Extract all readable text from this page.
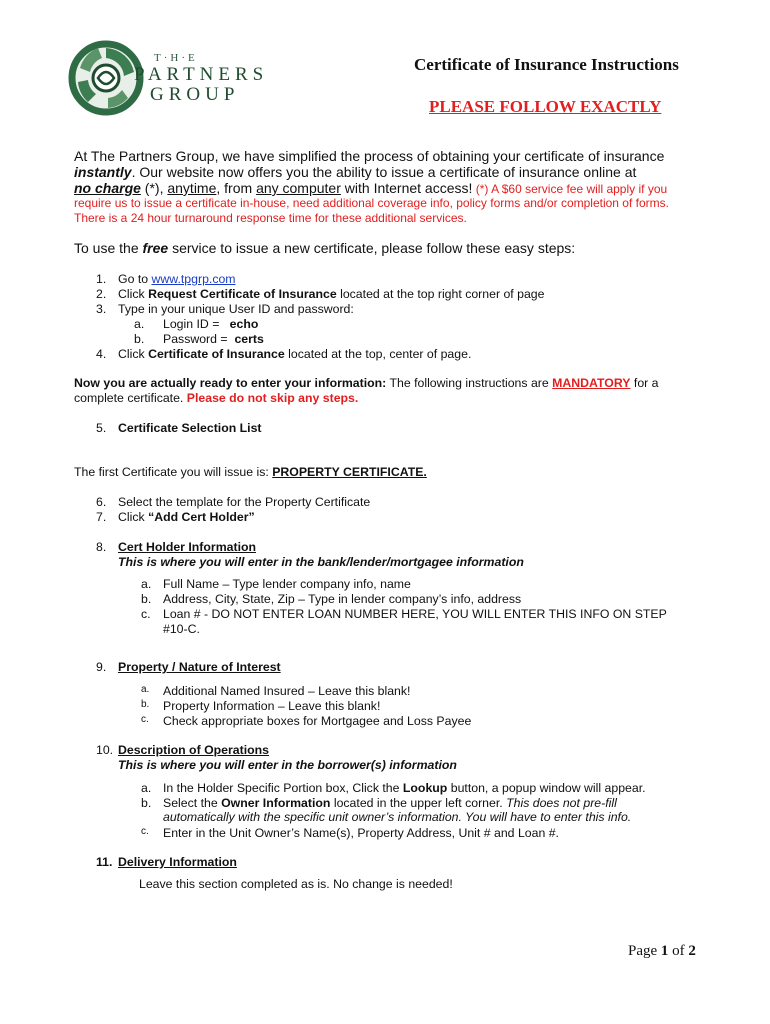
T·H·E
PARTNERS
GROUP
Certificate of Insurance Instructions
PLEASE FOLLOW EXACTLY
At The Partners Group, we have simplified the process of obtaining your certificate of insurance
instantly. Our website now offers you the ability to issue a certificate of insurance online at
no charge (*), anytime, from any computer with Internet access! (*) A $60 service fee will apply if you
require us to issue a certificate in-house, need additional coverage info, policy forms and/or completion of forms.
There is a 24 hour turnaround response time for these additional services.
To use the free service to issue a new certificate, please follow these easy steps:
1. Go to www.tpgrp.com
2. Click Request Certificate of Insurance located at the top right corner of page
3. Type in your unique User ID and password:
a. Login ID = echo
b. Password = certs
4. Click Certificate of Insurance located at the top, center of page.
Now you are actually ready to enter your information: The following instructions are MANDATORY for a
complete certificate. Please do not skip any steps.
5. Certificate Selection List
The first Certificate you will issue is: PROPERTY CERTIFICATE.
6. Select the template for the Property Certificate
7. Click “Add Cert Holder”
8. Cert Holder Information
This is where you will enter in the bank/lender/mortgagee information
a. Full Name – Type lender company info, name
b. Address, City, State, Zip – Type in lender company’s info, address
c. Loan # - DO NOT ENTER LOAN NUMBER HERE, YOU WILL ENTER THIS INFO ON STEP
#10-C.
9. Property / Nature of Interest
a. Additional Named Insured – Leave this blank!
b. Property Information – Leave this blank!
c. Check appropriate boxes for Mortgagee and Loss Payee
10. Description of Operations
This is where you will enter in the borrower(s) information
a. In the Holder Specific Portion box, Click the Lookup button, a popup window will appear.
b. Select the Owner Information located in the upper left corner. This does not pre-fill
automatically with the specific unit owner’s information. You will have to enter this info.
c. Enter in the Unit Owner’s Name(s), Property Address, Unit # and Loan #.
11. Delivery Information
Leave this section completed as is. No change is needed!
Page 1 of 2
